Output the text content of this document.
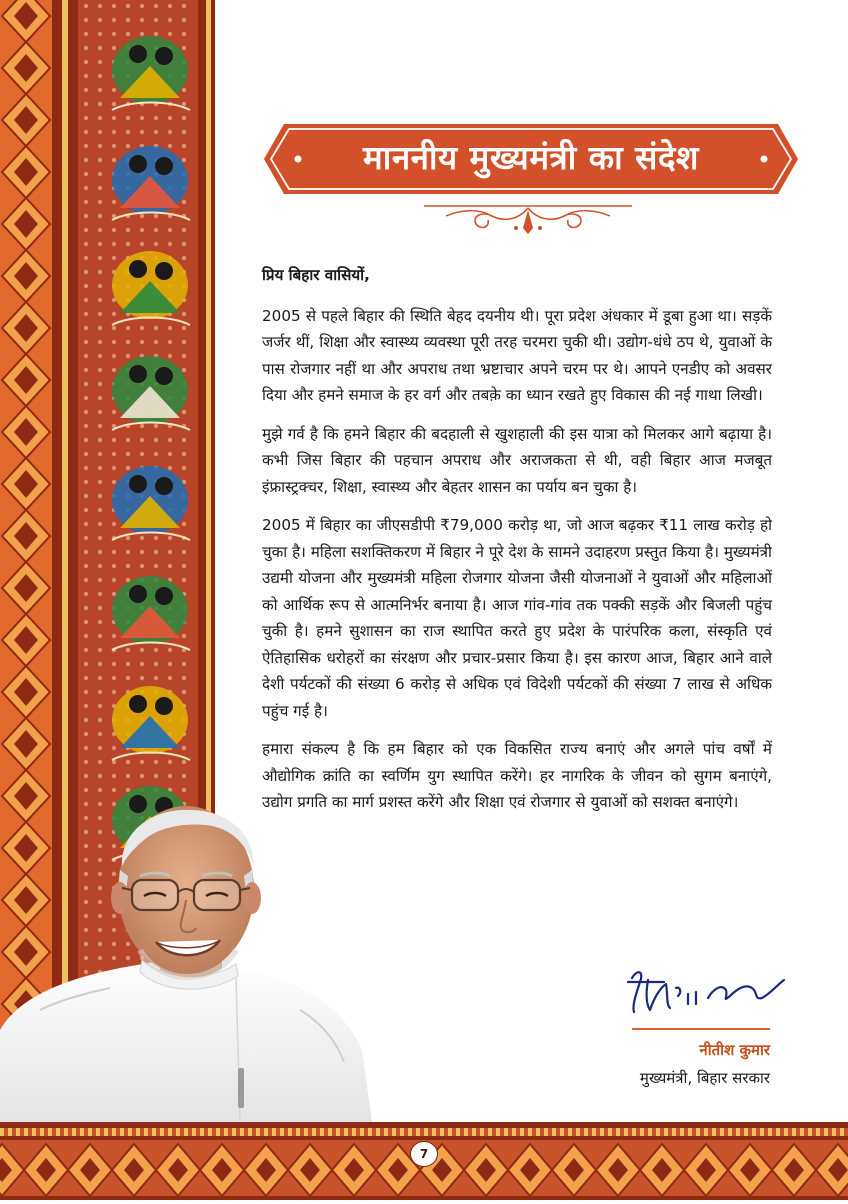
माननीय मुख्यमंत्री का संदेश

प्रिय बिहार वासियों,

2005 से पहले बिहार की स्थिति बेहद दयनीय थी। पूरा प्रदेश अंधकार में डूबा हुआ था। सड़कें जर्जर थीं, शिक्षा और स्वास्थ्य व्यवस्था पूरी तरह चरमरा चुकी थी। उद्योग-धंधे ठप थे, युवाओं के पास रोजगार नहीं था और अपराध तथा भ्रष्टाचार अपने चरम पर थे। आपने एनडीए को अवसर दिया और हमने समाज के हर वर्ग और तबक़े का ध्यान रखते हुए विकास की नई गाथा लिखी।

मुझे गर्व है कि हमने बिहार की बदहाली से खुशहाली की इस यात्रा को मिलकर आगे बढ़ाया है। कभी जिस बिहार की पहचान अपराध और अराजकता से थी, वही बिहार आज मजबूत इंफ्रास्ट्रक्चर, शिक्षा, स्वास्थ्य और बेहतर शासन का पर्याय बन चुका है।

2005 में बिहार का जीएसडीपी ₹79,000 करोड़ था, जो आज बढ़कर ₹11 लाख करोड़ हो चुका है। महिला सशक्तिकरण में बिहार ने पूरे देश के सामने उदाहरण प्रस्तुत किया है। मुख्यमंत्री उद्यमी योजना और मुख्यमंत्री महिला रोजगार योजना जैसी योजनाओं ने युवाओं और महिलाओं को आर्थिक रूप से आत्मनिर्भर बनाया है। आज गांव-गांव तक पक्की सड़कें और बिजली पहुंच चुकी है। हमने सुशासन का राज स्थापित करते हुए प्रदेश के पारंपरिक कला, संस्कृति एवं ऐतिहासिक धरोहरों का संरक्षण और प्रचार-प्रसार किया है। इस कारण आज, बिहार आने वाले देशी पर्यटकों की संख्या 6 करोड़ से अधिक एवं विदेशी पर्यटकों की संख्या 7 लाख से अधिक पहुंच गई है।

हमारा संकल्प है कि हम बिहार को एक विकसित राज्य बनाएं और अगले पांच वर्षों में औद्योगिक क्रांति का स्वर्णिम युग स्थापित करेंगे। हर नागरिक के जीवन को सुगम बनाएंगे, उद्योग प्रगति का मार्ग प्रशस्त करेंगे और शिक्षा एवं रोजगार से युवाओं को सशक्त बनाएंगे।

नीतीश कुमार
मुख्यमंत्री, बिहार सरकार
7
